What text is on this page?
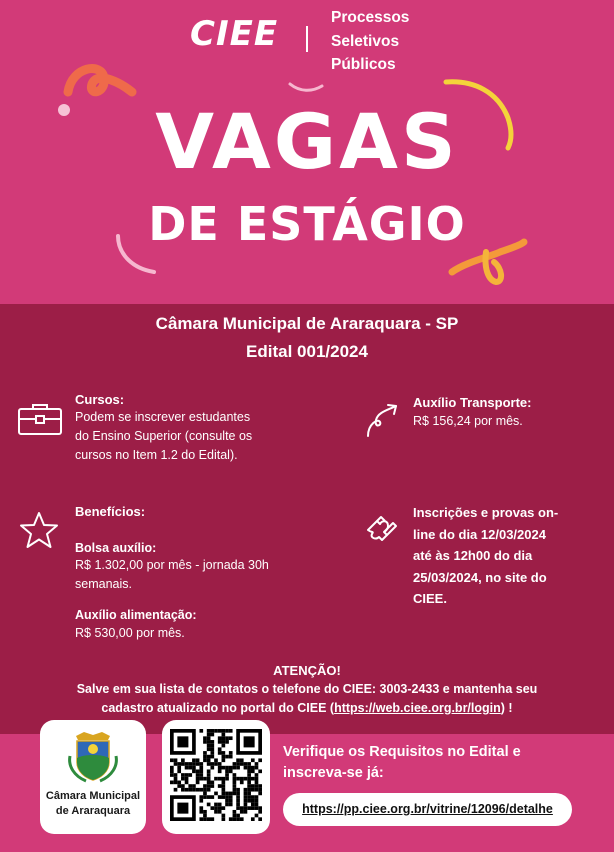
CIEE	Processos
Seletivos
Públicos
VAGAS
DE ESTÁGIO
Câmara Municipal de Araraquara - SP
Edital 001/2024
Cursos:
Podem se inscrever estudantes
do Ensino Superior (consulte os
cursos no Item 1.2 do Edital).
Auxílio Transporte:
R$ 156,24 por mês.
Benefícios:
Bolsa auxílio:
R$ 1.302,00 por mês - jornada 30h
semanais.
Auxílio alimentação:
R$ 530,00 por mês.
Inscrições e provas on-
line do dia 12/03/2024
até às 12h00 do dia
25/03/2024, no site do
CIEE.
ATENÇÃO!
Salve em sua lista de contatos o telefone do CIEE: 3003-2433 e mantenha seu
cadastro atualizado no portal do CIEE (https://web.ciee.org.br/login) !
Câmara Municipal
de Araraquara
Verifique os Requisitos no Edital e
inscreva-se já:
https://pp.ciee.org.br/vitrine/12096/detalhe
